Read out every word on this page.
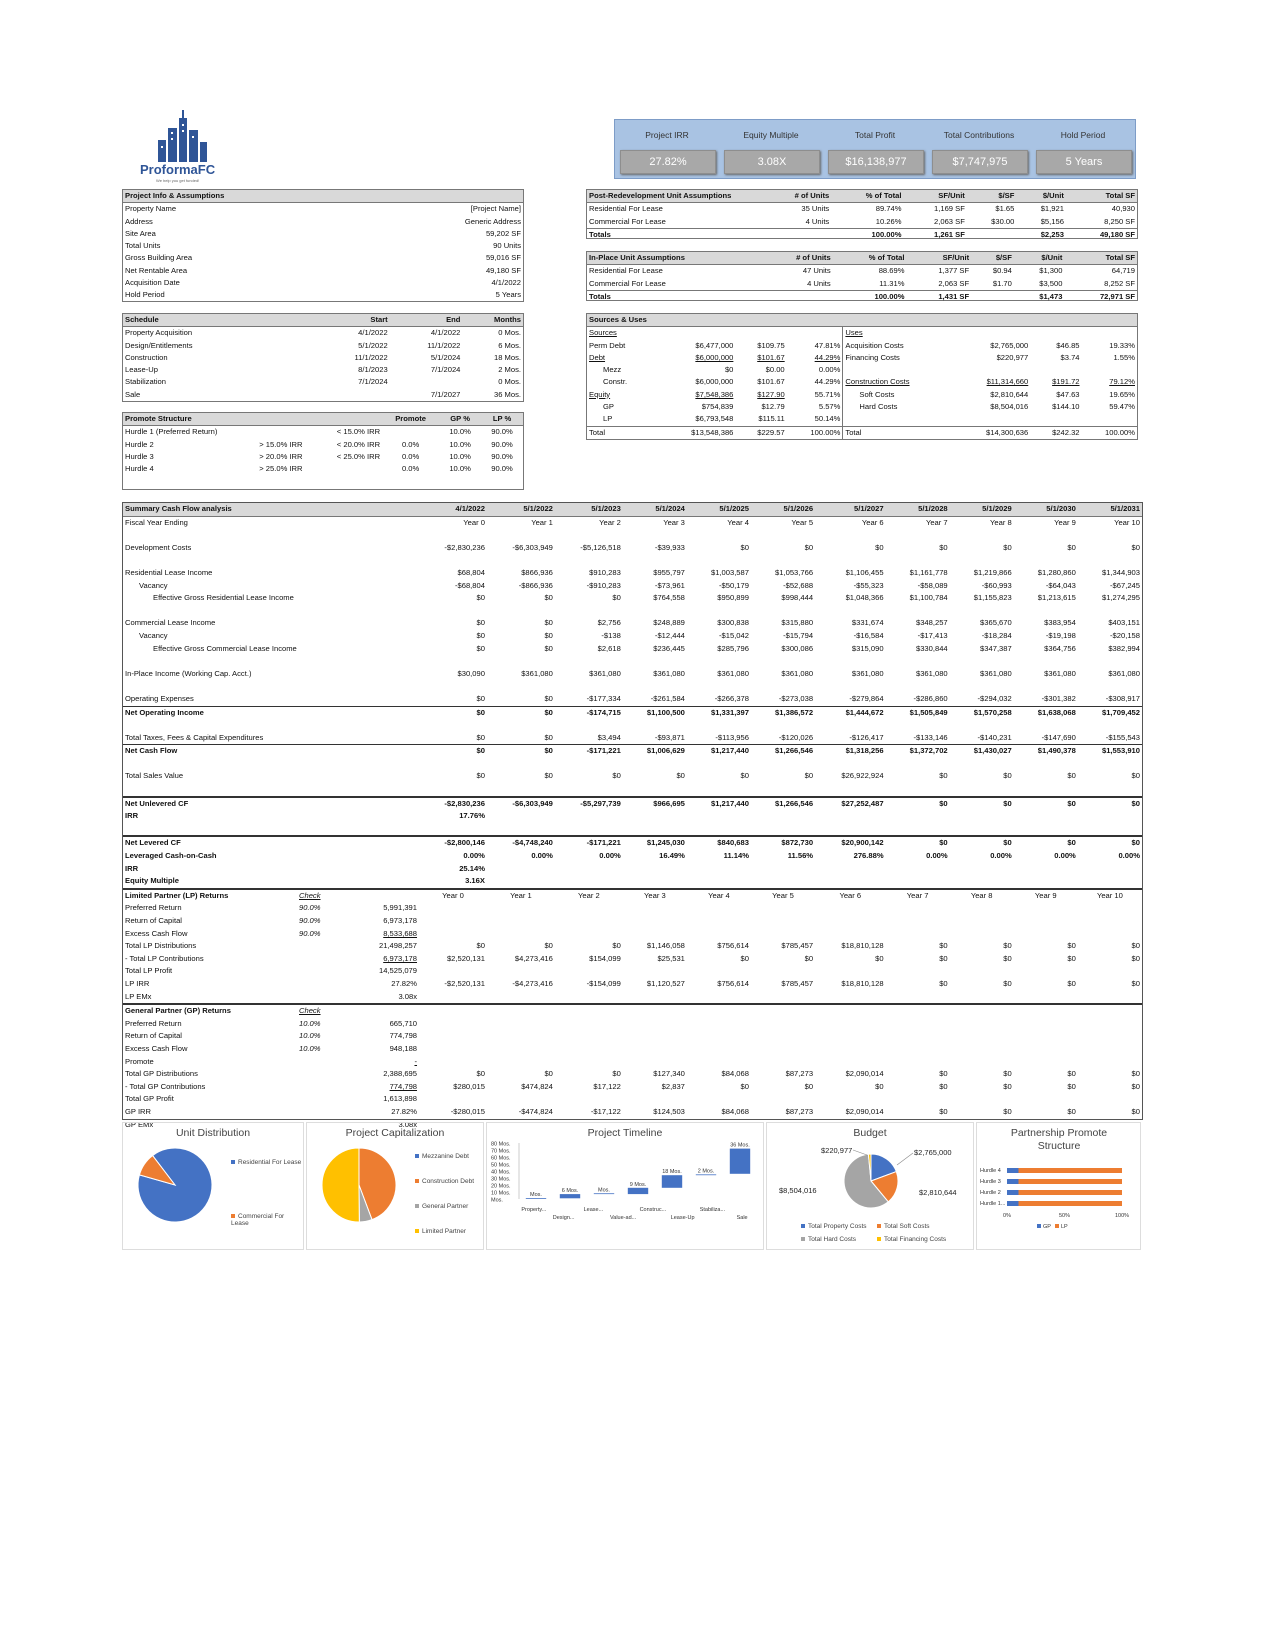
ProformaFC
We help you get funded!
Project IRR
27.82%
Equity Multiple
3.08X
Total Profit
$16,138,977
Total Contributions
$7,747,975
Hold Period
5 Years
Project Info & Assumptions	
Property Name	[Project Name]
Address	Generic Address
Site Area	59,202 SF
Total Units	90 Units
Gross Building Area	59,016 SF
Net Rentable Area	49,180 SF
Acquisition Date	4/1/2022
Hold Period	5 Years
Post-Redevelopment Unit Assumptions	# of Units	% of Total	SF/Unit	$/SF	$/Unit	Total SF
Residential For Lease	35 Units	89.74%	1,169 SF	$1.65	$1,921	40,930
Commercial For Lease	4 Units	10.26%	2,063 SF	$30.00	$5,156	8,250 SF
Totals		100.00%	1,261 SF		$2,253	49,180 SF
In-Place Unit Assumptions	# of Units	% of Total	SF/Unit	$/SF	$/Unit	Total SF
Residential For Lease	47 Units	88.69%	1,377 SF	$0.94	$1,300	64,719
Commercial For Lease	4 Units	11.31%	2,063 SF	$1.70	$3,500	8,252 SF
Totals		100.00%	1,431 SF		$1,473	72,971 SF
Schedule	Start	End	Months
Property Acquisition	4/1/2022	4/1/2022	0 Mos.
Design/Entitlements	5/1/2022	11/1/2022	6 Mos.
Construction	11/1/2022	5/1/2024	18 Mos.
Lease-Up	8/1/2023	7/1/2024	2 Mos.
Stabilization	7/1/2024		0 Mos.
Sale		7/1/2027	36 Mos.
Promote Structure			Promote	GP %	LP %
Hurdle 1 (Preferred Return)		< 15.0% IRR		10.0%	90.0%
Hurdle 2	> 15.0% IRR	< 20.0% IRR	0.0%	10.0%	90.0%
Hurdle 3	> 20.0% IRR	< 25.0% IRR	0.0%	10.0%	90.0%
Hurdle 4	> 25.0% IRR		0.0%	10.0%	90.0%
Sources & Uses							
Sources				Uses			
Perm Debt	$6,477,000	$109.75	47.81%	Acquisition Costs	$2,765,000	$46.85	19.33%
Debt	$6,000,000	$101.67	44.29%	Financing Costs	$220,977	$3.74	1.55%
Mezz	$0	$0.00	0.00%				
Constr.	$6,000,000	$101.67	44.29%	Construction Costs	$11,314,660	$191.72	79.12%
Equity	$7,548,386	$127.90	55.71%	Soft Costs	$2,810,644	$47.63	19.65%
GP	$754,839	$12.79	5.57%	Hard Costs	$8,504,016	$144.10	59.47%
LP	$6,793,548	$115.11	50.14%				
Total	$13,548,386	$229.57	100.00%	Total	$14,300,636	$242.32	100.00%
Summary Cash Flow analysis			4/1/2022	5/1/2022	5/1/2023	5/1/2024	5/1/2025	5/1/2026	5/1/2027	5/1/2028	5/1/2029	5/1/2030	5/1/2031
Fiscal Year Ending			Year 0	Year 1	Year 2	Year 3	Year 4	Year 5	Year 6	Year 7	Year 8	Year 9	Year 10

Development Costs			-$2,830,236	-$6,303,949	-$5,126,518	-$39,933	$0	$0	$0	$0	$0	$0	$0

Residential Lease Income			$68,804	$866,936	$910,283	$955,797	$1,003,587	$1,053,766	$1,106,455	$1,161,778	$1,219,866	$1,280,860	$1,344,903
Vacancy			-$68,804	-$866,936	-$910,283	-$73,961	-$50,179	-$52,688	-$55,323	-$58,089	-$60,993	-$64,043	-$67,245
Effective Gross Residential Lease Income			$0	$0	$0	$764,558	$950,899	$998,444	$1,048,366	$1,100,784	$1,155,823	$1,213,615	$1,274,295

Commercial Lease Income			$0	$0	$2,756	$248,889	$300,838	$315,880	$331,674	$348,257	$365,670	$383,954	$403,151
Vacancy			$0	$0	-$138	-$12,444	-$15,042	-$15,794	-$16,584	-$17,413	-$18,284	-$19,198	-$20,158
Effective Gross Commercial Lease Income			$0	$0	$2,618	$236,445	$285,796	$300,086	$315,090	$330,844	$347,387	$364,756	$382,994

In-Place Income (Working Cap. Acct.)			$30,090	$361,080	$361,080	$361,080	$361,080	$361,080	$361,080	$361,080	$361,080	$361,080	$361,080

Operating Expenses			$0	$0	-$177,334	-$261,584	-$266,378	-$273,038	-$279,864	-$286,860	-$294,032	-$301,382	-$308,917
Net Operating Income			$0	$0	-$174,715	$1,100,500	$1,331,397	$1,386,572	$1,444,672	$1,505,849	$1,570,258	$1,638,068	$1,709,452

Total Taxes, Fees & Capital Expenditures			$0	$0	$3,494	-$93,871	-$113,956	-$120,026	-$126,417	-$133,146	-$140,231	-$147,690	-$155,543
Net Cash Flow			$0	$0	-$171,221	$1,006,629	$1,217,440	$1,266,546	$1,318,256	$1,372,702	$1,430,027	$1,490,378	$1,553,910

Total Sales Value			$0	$0	$0	$0	$0	$0	$26,922,924	$0	$0	$0	$0

Net Unlevered CF			-$2,830,236	-$6,303,949	-$5,297,739	$966,695	$1,217,440	$1,266,546	$27,252,487	$0	$0	$0	$0
IRR			17.76%										

Net Levered CF			-$2,800,146	-$4,748,240	-$171,221	$1,245,030	$840,683	$872,730	$20,900,142	$0	$0	$0	$0
Leveraged Cash-on-Cash			0.00%	0.00%	0.00%	16.49%	11.14%	11.56%	276.88%	0.00%	0.00%	0.00%	0.00%
IRR			25.14%										
Equity Multiple			3.16X										
Limited Partner (LP) Returns	Check		Year 0	Year 1	Year 2	Year 3	Year 4	Year 5	Year 6	Year 7	Year 8	Year 9	Year 10
Preferred Return	90.0%	5,991,391											
Return of Capital	90.0%	6,973,178											
Excess Cash Flow	90.0%	8,533,688											
Total LP Distributions		21,498,257	$0	$0	$0	$1,146,058	$756,614	$785,457	$18,810,128	$0	$0	$0	$0
- Total LP Contributions		6,973,178	$2,520,131	$4,273,416	$154,099	$25,531	$0	$0	$0	$0	$0	$0	$0
Total LP Profit		14,525,079											
LP IRR		27.82%	-$2,520,131	-$4,273,416	-$154,099	$1,120,527	$756,614	$785,457	$18,810,128	$0	$0	$0	$0
LP EMx		3.08x											
General Partner (GP) Returns	Check												
Preferred Return	10.0%	665,710											
Return of Capital	10.0%	774,798											
Excess Cash Flow	10.0%	948,188											
Promote		-											
Total GP Distributions		2,388,695	$0	$0	$0	$127,340	$84,068	$87,273	$2,090,014	$0	$0	$0	$0
- Total GP Contributions		774,798	$280,015	$474,824	$17,122	$2,837	$0	$0	$0	$0	$0	$0	$0
Total GP Profit		1,613,898											
GP IRR		27.82%	-$280,015	-$474,824	-$17,122	$124,503	$84,068	$87,273	$2,090,014	$0	$0	$0	$0
GP EMx		3.08x											
Unit Distribution
Residential For Lease
Commercial For Lease
Project Capitalization
Mezzanine Debt
Construction Debt
General Partner
Limited Partner
Project Timeline
80 Mos.
70 Mos.
60 Mos.
50 Mos.
40 Mos.
30 Mos.
20 Mos.
10 Mos.
Mos.
Mos.
6 Mos.	Mos.
9 Mos.
18 Mos.	2 Mos.
36 Mos.
Property...
Design...
Lease...
Value-ad...
Construc...
Lease-Up
Stabiliza...
Sale
Budget
$220,977	$2,765,000
$2,810,644
$8,504,016
Total Property Costs	Total Soft Costs
Total Hard Costs	Total Financing Costs
Partnership Promote Structure
Hurdle 4
Hurdle 3
Hurdle 2
Hurdle 1...
0%	50%	100%
GP LP
